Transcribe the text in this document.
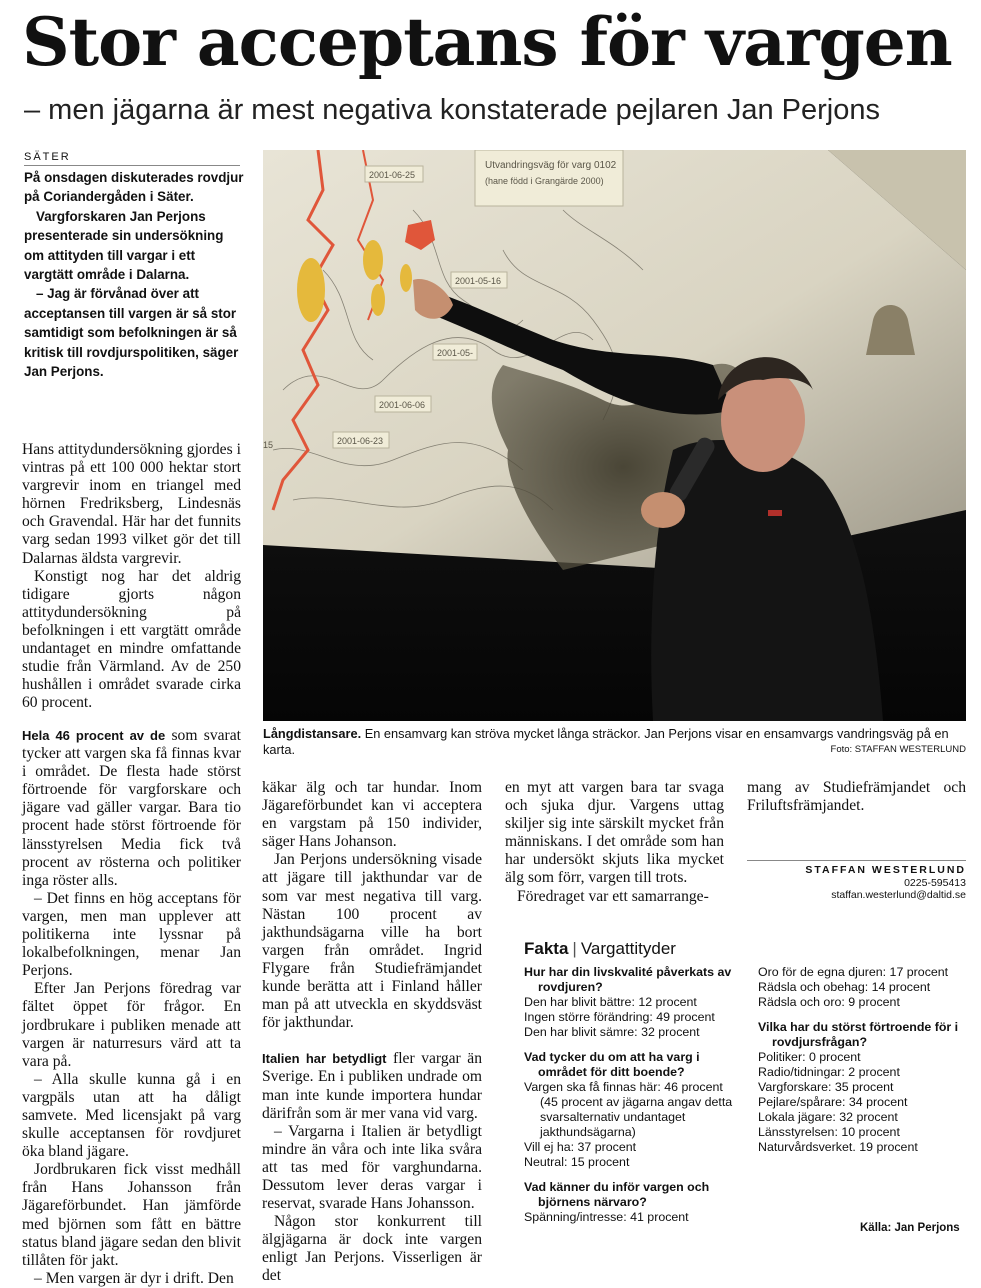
Stor acceptans för vargen
– men jägarna är mest negativa konstaterade pejlaren Jan Perjons
SÄTER

På onsdagen diskuterades rovdjur på Coriandergåden i Säter.

Vargforskaren Jan Perjons presenterade sin undersökning om attityden till vargar i ett vargtätt område i Dalarna.

– Jag är förvånad över att acceptansen till vargen är så stor samtidigt som befolkningen är så kritisk till rovdjurspolitiken, säger Jan Perjons.

Hans attitydundersökning gjordes i vintras på ett 100 000 hektar stort vargrevir inom en triangel med hörnen Fredriksberg, Lindesnäs och Gravendal. Här har det funnits varg sedan 1993 vilket gör det till Dalarnas äldsta vargrevir.

Konstigt nog har det aldrig tidigare gjorts någon attitydundersökning på befolkningen i ett vargtätt område undantaget en mindre omfattande studie från Värmland. Av de 250 hushållen i området svarade cirka 60 procent.

Hela 46 procent av de som svarat tycker att vargen ska få finnas kvar i området. De flesta hade störst förtroende för vargforskare och jägare vad gäller vargar. Bara tio procent hade störst förtroende för länsstyrelsen Media fick två procent av rösterna och politiker inga röster alls.

– Det finns en hög acceptans för vargen, men man upplever att politikerna inte lyssnar på lokalbefolkningen, menar Jan Perjons.

Efter Jan Perjons föredrag var fältet öppet för frågor. En jordbrukare i publiken menade att vargen är naturresurs värd att ta vara på.

– Alla skulle kunna gå i en vargpäls utan att ha dåligt samvete. Med licensjakt på varg skulle acceptansen för rovdjuret öka bland jägare.

Jordbrukaren fick visst medhåll från Hans Johansson från Jägareförbundet. Han jämförde med björnen som fått en bättre status bland jägare sedan den blivit tillåten för jakt.

– Men vargen är dyr i drift. Den

Utvandringsväg för varg 0102
(hane född i Grangärde 2000)
2001-06-25
2001-05-16
2001-05-
2001-06-06
2001-06-23
15
Långdistansare. En ensamvarg kan ströva mycket långa sträckor. Jan Perjons visar en ensamvargs vandringsväg på en karta.	Foto: STAFFAN WESTERLUND

käkar älg och tar hundar. Inom Jägareförbundet kan vi acceptera en vargstam på 150 individer, säger Hans Johanson.

Jan Perjons undersökning visade att jägare till jakthundar var de som var mest negativa till varg. Nästan 100 procent av jakthundsägarna ville ha bort vargen från området. Ingrid Flygare från Studiefrämjandet kunde berätta att i Finland håller man på att utveckla en skyddsväst för jakthundar.

Italien har betydligt fler vargar än Sverige. En i publiken undrade om man inte kunde importera hundar därifrån som är mer vana vid varg.

– Vargarna i Italien är betydligt mindre än våra och inte lika svåra att tas med för varghundarna. Dessutom lever deras vargar i reservat, svarade Hans Johansson.

Någon stor konkurrent till älgjägarna är dock inte vargen enligt Jan Perjons. Visserligen är det

en myt att vargen bara tar svaga och sjuka djur. Vargens uttag skiljer sig inte särskilt mycket från människans. I det område som han har undersökt skjuts lika mycket älg som förr, vargen till trots.

Föredraget var ett samarrange-

mang av Studiefrämjandet och Friluftsfrämjandet.

STAFFAN WESTERLUND
0225-595413
staffan.westerlund@daltid.se
Fakta | Vargattityder
Hur har din livskvalité påverkats av rovdjuren?
Den har blivit bättre: 12 procent
Ingen större förändring: 49 procent
Den har blivit sämre: 32 procent
Vad tycker du om att ha varg i området för ditt boende?
Vargen ska få finnas här: 46 procent (45 procent av jägarna angav detta svarsalternativ undantaget jakthundsägarna)
Vill ej ha: 37 procent
Neutral: 15 procent
Vad känner du inför vargen och björnens närvaro?
Spänning/intresse: 41 procent
Oro för de egna djuren: 17 procent
Rädsla och obehag: 14 procent
Rädsla och oro: 9 procent
Vilka har du störst förtroende för i rovdjursfrågan?
Politiker: 0 procent
Radio/tidningar: 2 procent
Vargforskare: 35 procent
Pejlare/spårare: 34 procent
Lokala jägare: 32 procent
Länsstyrelsen: 10 procent
Naturvårdsverket. 19 procent
Källa: Jan Perjons
